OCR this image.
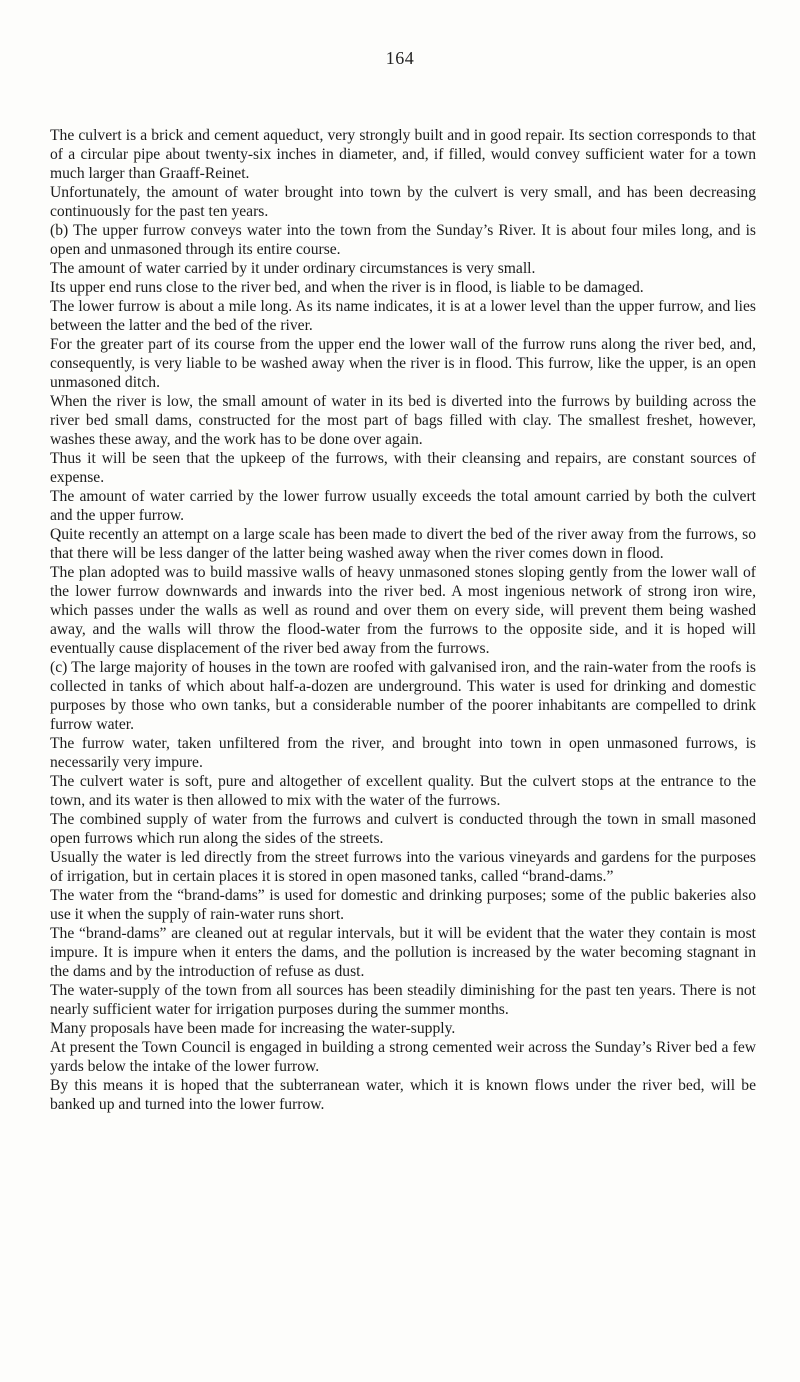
164

The culvert is a brick and cement aqueduct, very strongly built and in good repair. Its section corresponds to that of a circular pipe about twenty-six inches in diameter, and, if filled, would convey sufficient water for a town much larger than Graaff-Reinet.

Unfortunately, the amount of water brought into town by the culvert is very small, and has been decreasing continuously for the past ten years.

(b) The upper furrow conveys water into the town from the Sunday’s River. It is about four miles long, and is open and unmasoned through its entire course.

The amount of water carried by it under ordinary circumstances is very small.

Its upper end runs close to the river bed, and when the river is in flood, is liable to be damaged.

The lower furrow is about a mile long. As its name indicates, it is at a lower level than the upper furrow, and lies between the latter and the bed of the river.

For the greater part of its course from the upper end the lower wall of the furrow runs along the river bed, and, consequently, is very liable to be washed away when the river is in flood. This furrow, like the upper, is an open unmasoned ditch.

When the river is low, the small amount of water in its bed is diverted into the furrows by building across the river bed small dams, constructed for the most part of bags filled with clay. The smallest freshet, however, washes these away, and the work has to be done over again.

Thus it will be seen that the upkeep of the furrows, with their cleansing and repairs, are constant sources of expense.

The amount of water carried by the lower furrow usually exceeds the total amount carried by both the culvert and the upper furrow.

Quite recently an attempt on a large scale has been made to divert the bed of the river away from the furrows, so that there will be less danger of the latter being washed away when the river comes down in flood.

The plan adopted was to build massive walls of heavy unmasoned stones sloping gently from the lower wall of the lower furrow downwards and inwards into the river bed. A most ingenious network of strong iron wire, which passes under the walls as well as round and over them on every side, will prevent them being washed away, and the walls will throw the flood-water from the furrows to the opposite side, and it is hoped will eventually cause displacement of the river bed away from the furrows.

(c) The large majority of houses in the town are roofed with galvanised iron, and the rain-water from the roofs is collected in tanks of which about half-a-dozen are underground. This water is used for drinking and domestic purposes by those who own tanks, but a considerable number of the poorer inhabitants are compelled to drink furrow water.

The furrow water, taken unfiltered from the river, and brought into town in open unmasoned furrows, is necessarily very impure.

The culvert water is soft, pure and altogether of excellent quality. But the culvert stops at the entrance to the town, and its water is then allowed to mix with the water of the furrows.

The combined supply of water from the furrows and culvert is conducted through the town in small masoned open furrows which run along the sides of the streets.

Usually the water is led directly from the street furrows into the various vineyards and gardens for the purposes of irrigation, but in certain places it is stored in open masoned tanks, called “brand-dams.”

The water from the “brand-dams” is used for domestic and drinking purposes; some of the public bakeries also use it when the supply of rain-water runs short.

The “brand-dams” are cleaned out at regular intervals, but it will be evident that the water they contain is most impure. It is impure when it enters the dams, and the pollution is increased by the water becoming stagnant in the dams and by the introduction of refuse as dust.

The water-supply of the town from all sources has been steadily diminishing for the past ten years. There is not nearly sufficient water for irrigation purposes during the summer months.

Many proposals have been made for increasing the water-supply.

At present the Town Council is engaged in building a strong cemented weir across the Sunday’s River bed a few yards below the intake of the lower furrow.

By this means it is hoped that the subterranean water, which it is known flows under the river bed, will be banked up and turned into the lower furrow.
